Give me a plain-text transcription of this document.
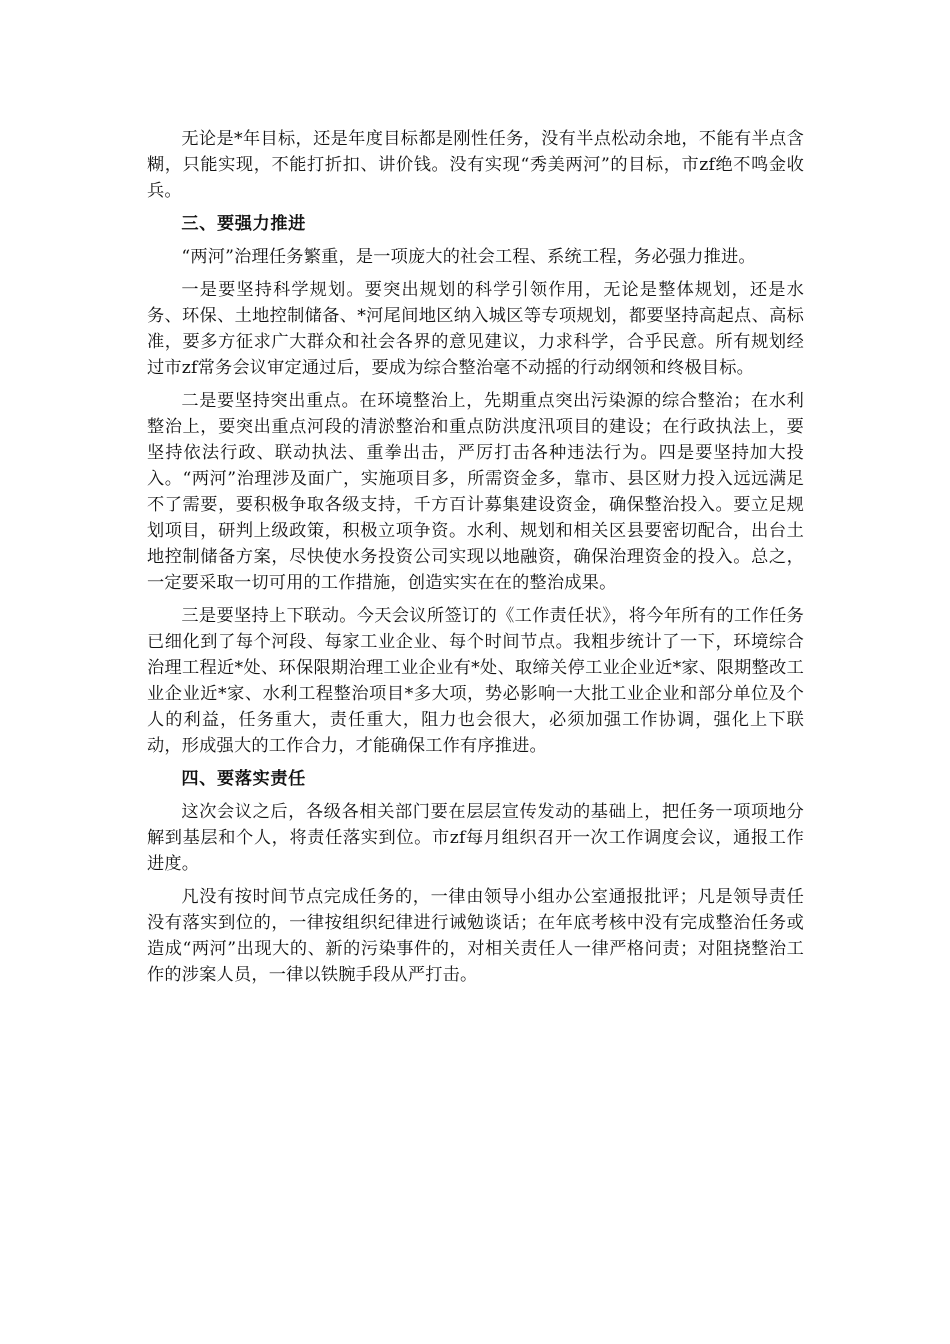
无论是*年目标，还是年度目标都是刚性任务，没有半点松动余地，不能有半点含糊，只能实现，不能打折扣、讲价钱。没有实现“秀美两河”的目标，市zf绝不鸣金收兵。

三、要强力推进

“两河”治理任务繁重，是一项庞大的社会工程、系统工程，务必强力推进。

一是要坚持科学规划。要突出规划的科学引领作用，无论是整体规划，还是水务、环保、土地控制储备、*河尾间地区纳入城区等专项规划，都要坚持高起点、高标准，要多方征求广大群众和社会各界的意见建议，力求科学，合乎民意。所有规划经过市zf常务会议审定通过后，要成为综合整治毫不动摇的行动纲领和终极目标。

二是要坚持突出重点。在环境整治上，先期重点突出污染源的综合整治；在水利整治上，要突出重点河段的清淤整治和重点防洪度汛项目的建设；在行政执法上，要坚持依法行政、联动执法、重拳出击，严厉打击各种违法行为。四是要坚持加大投入。“两河”治理涉及面广，实施项目多，所需资金多，靠市、县区财力投入远远满足不了需要，要积极争取各级支持，千方百计募集建设资金，确保整治投入。要立足规划项目，研判上级政策，积极立项争资。水利、规划和相关区县要密切配合，出台土地控制储备方案，尽快使水务投资公司实现以地融资，确保治理资金的投入。总之，一定要采取一切可用的工作措施，创造实实在在的整治成果。

三是要坚持上下联动。今天会议所签订的《工作责任状》，将今年所有的工作任务已细化到了每个河段、每家工业企业、每个时间节点。我粗步统计了一下，环境综合治理工程近*处、环保限期治理工业企业有*处、取缔关停工业企业近*家、限期整改工业企业近*家、水利工程整治项目*多大项，势必影响一大批工业企业和部分单位及个人的利益，任务重大，责任重大，阻力也会很大，必须加强工作协调，强化上下联动，形成强大的工作合力，才能确保工作有序推进。

四、要落实责任

这次会议之后，各级各相关部门要在层层宣传发动的基础上，把任务一项项地分解到基层和个人，将责任落实到位。市zf每月组织召开一次工作调度会议，通报工作进度。

凡没有按时间节点完成任务的，一律由领导小组办公室通报批评；凡是领导责任没有落实到位的，一律按组织纪律进行诫勉谈话；在年底考核中没有完成整治任务或造成“两河”出现大的、新的污染事件的，对相关责任人一律严格问责；对阻挠整治工作的涉案人员，一律以铁腕手段从严打击。
